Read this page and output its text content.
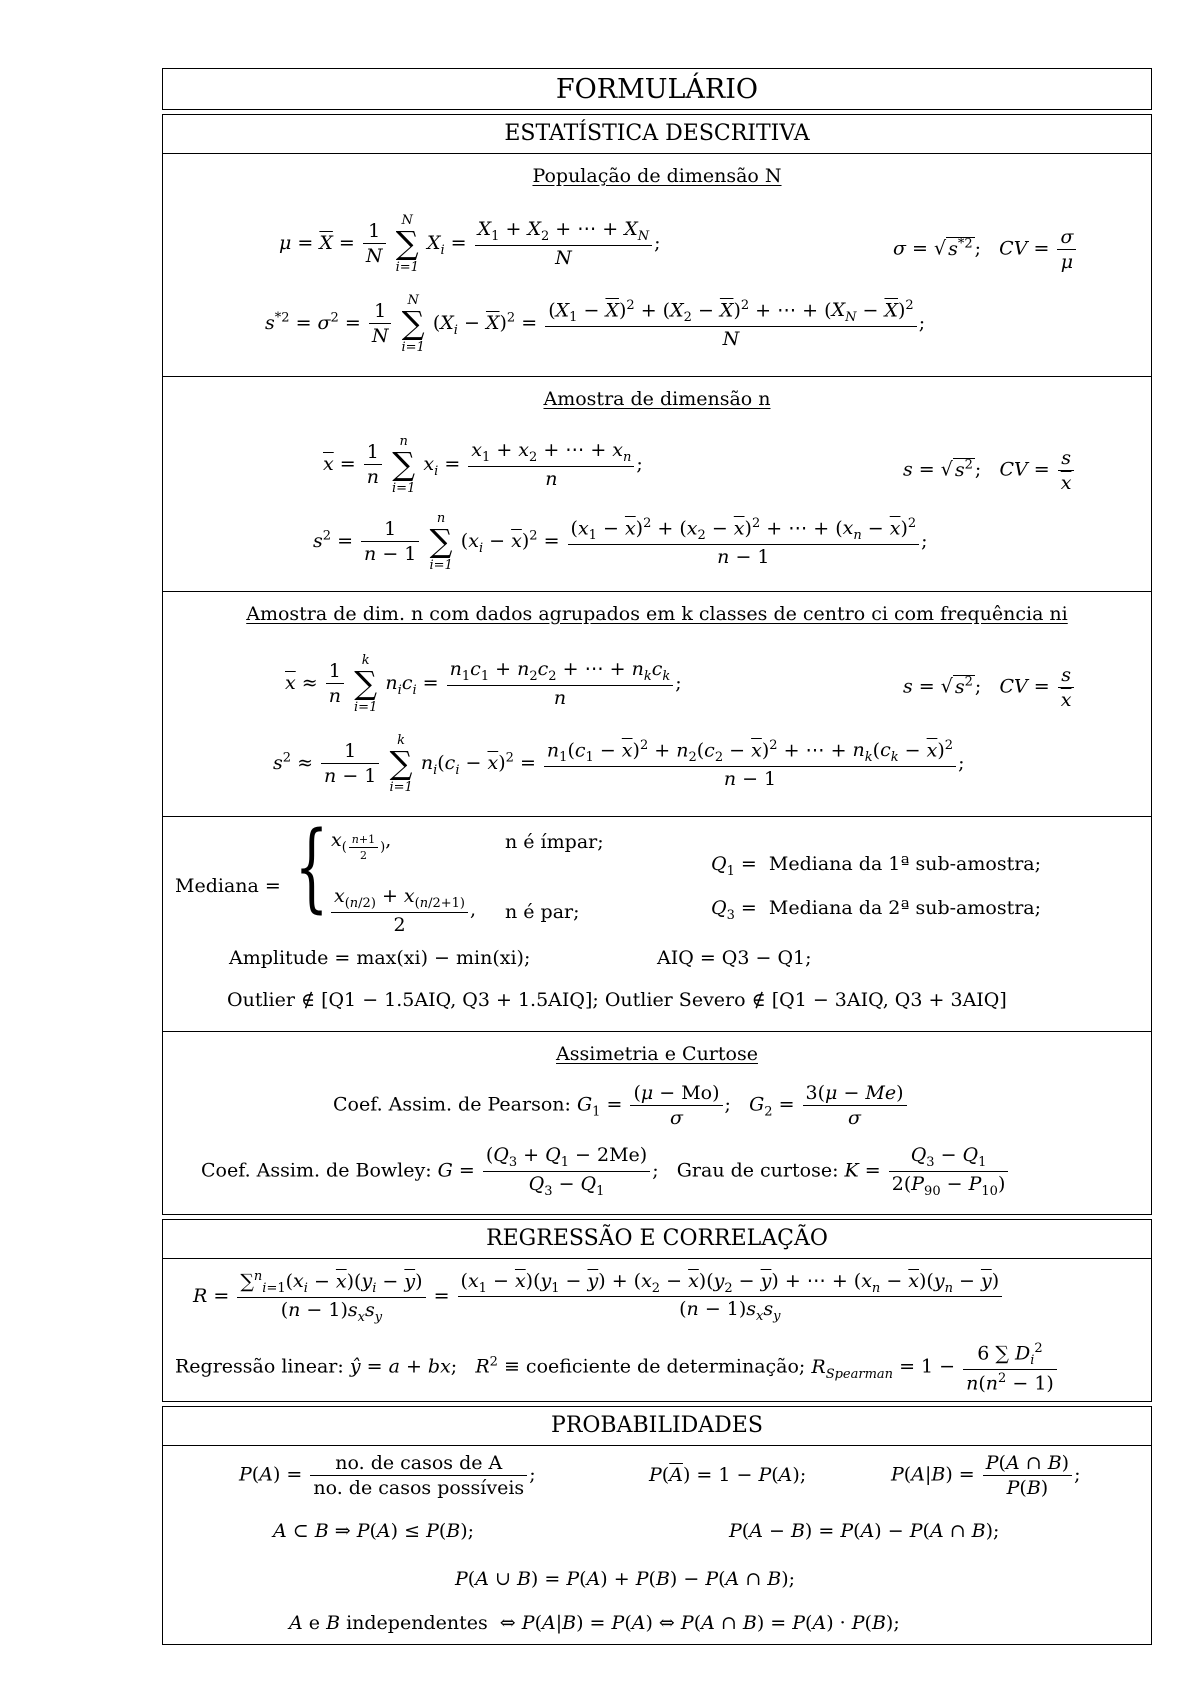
FORMULÁRIO
ESTATÍSTICA DESCRITIVA
População de dimensão N
$\mu = \overline{X} = \frac{1}{N}$
	N
∑
i=1
$X_i = \frac{X_1 + X_2 + \cdots + X_N}{N}$ ;	σ = √ $s^{*2}$ ;   CV = $\frac{\sigma}{\mu}$
$s^{*2} = \sigma^2 = \frac{1}{N}$
	N
∑
i=1
$(X_i - \overline{X})^2 = \frac{(X_1 - \overline{X})^2 + (X_2 - \overline{X})^2 + \cdots + (X_N - \overline{X})^2}{N}$ ;
Amostra de dimensão n
$\overline{x} = \frac{1}{n}$
	n
∑
i=1
$x_i = \frac{x_1 + x_2 + \cdots + x_n}{n}$ ;	s = √ $s^2$ ;   CV = $\frac{s}{x}$
$s^2 = \frac{1}{n - 1}$
	n
∑
i=1
$(x_i - \overline{x})^2 = \frac{(x_1 - \overline{x})^2 + (x_2 - \overline{x})^2 + \cdots + (x_n - \overline{x})^2}{n - 1}$ ;
Amostra de dim. n com dados agrupados em k classes de centro ci com frequência ni
$\overline{x} \approx \frac{1}{n}$
	k
∑
i=1
$n_ic_i = \frac{n_1c_1 + n_2c_2 + \cdots + n_kc_k}{n}$ ;	s = √ $s^2$ ;   CV = $\frac{s}{x}$
$s^2 \approx \frac{1}{n - 1}$
	k
∑
i=1
$n_i(c_i - \overline{x})^2 = \frac{n_1(c_1 - \overline{x})^2 + n_2(c_2 - \overline{x})^2 + \cdots + n_k(c_k - \overline{x})^2}{n - 1}$ ;
Mediana = { $x_{( \frac{n+1}{2} )}$,	n é ímpar;
$\frac{x_{(n/2)} + x_{(n/2+1)}}{2}$ , n é par;
$Q_1$ =  Mediana da 1ª sub-amostra;
$Q_3$ =  Mediana da 2ª sub-amostra;
Amplitude = max(xi) − min(xi);	AIQ = Q3 − Q1;
Outlier ∉ [Q1 − 1.5AIQ, Q3 + 1.5AIQ]; Outlier Severo ∉ [Q1 − 3AIQ, Q3 + 3AIQ]
Assimetria e Curtose
Coef. Assim. de Pearson: $G_1 = \frac{(\mu - Mo)}{\sigma}$ ;   $G_2 = \frac{3(\mu - Me)}{\sigma}$
Coef. Assim. de Bowley: $G = \frac{(Q_3 + Q_1 - 2Me)}{Q_3 - Q_1}$ ;   Grau de curtose: $K = \frac{Q_3 - Q_1}{2(P_{90} - P_{10})}$
REGRESSÃO E CORRELAÇÃO
$R = \frac{\sum^n_{i=1}(x_i - \overline{x})(y_i - \overline{y})}{(n - 1)s_xs_y} = \frac{(x_1 - \overline{x})(y_1 - \overline{y}) + (x_2 - \overline{x})(y_2 - \overline{y}) + \cdots + (x_n - \overline{x})(y_n - \overline{y})}{(n - 1)s_xs_y}$
Regressão linear: ŷ = a + bx;   $R^2$ ≡ coeficiente de determinação; $R_{Spearman} = 1 - \frac{6 \sum D_i^2}{n(n^2 - 1)}$
PROBABILIDADES
$P(A) = \frac{\text{no. de casos de A}}{\text{no. de casos possíveis}}$ ;	$P(\overline{A}) = 1 - P(A)$;	$P(A|B) = \frac{P(A \cap B)}{P(B)}$ ;
A ⊂ B ⇒ P(A) ≤ P(B);	P(A − B) = P(A) − P(A ∩ B);
P(A ∪ B) = P(A) + P(B) − P(A ∩ B);
A e B independentes  ⇔ P(A|B) = P(A) ⇔ P(A ∩ B) = P(A) · P(B);
